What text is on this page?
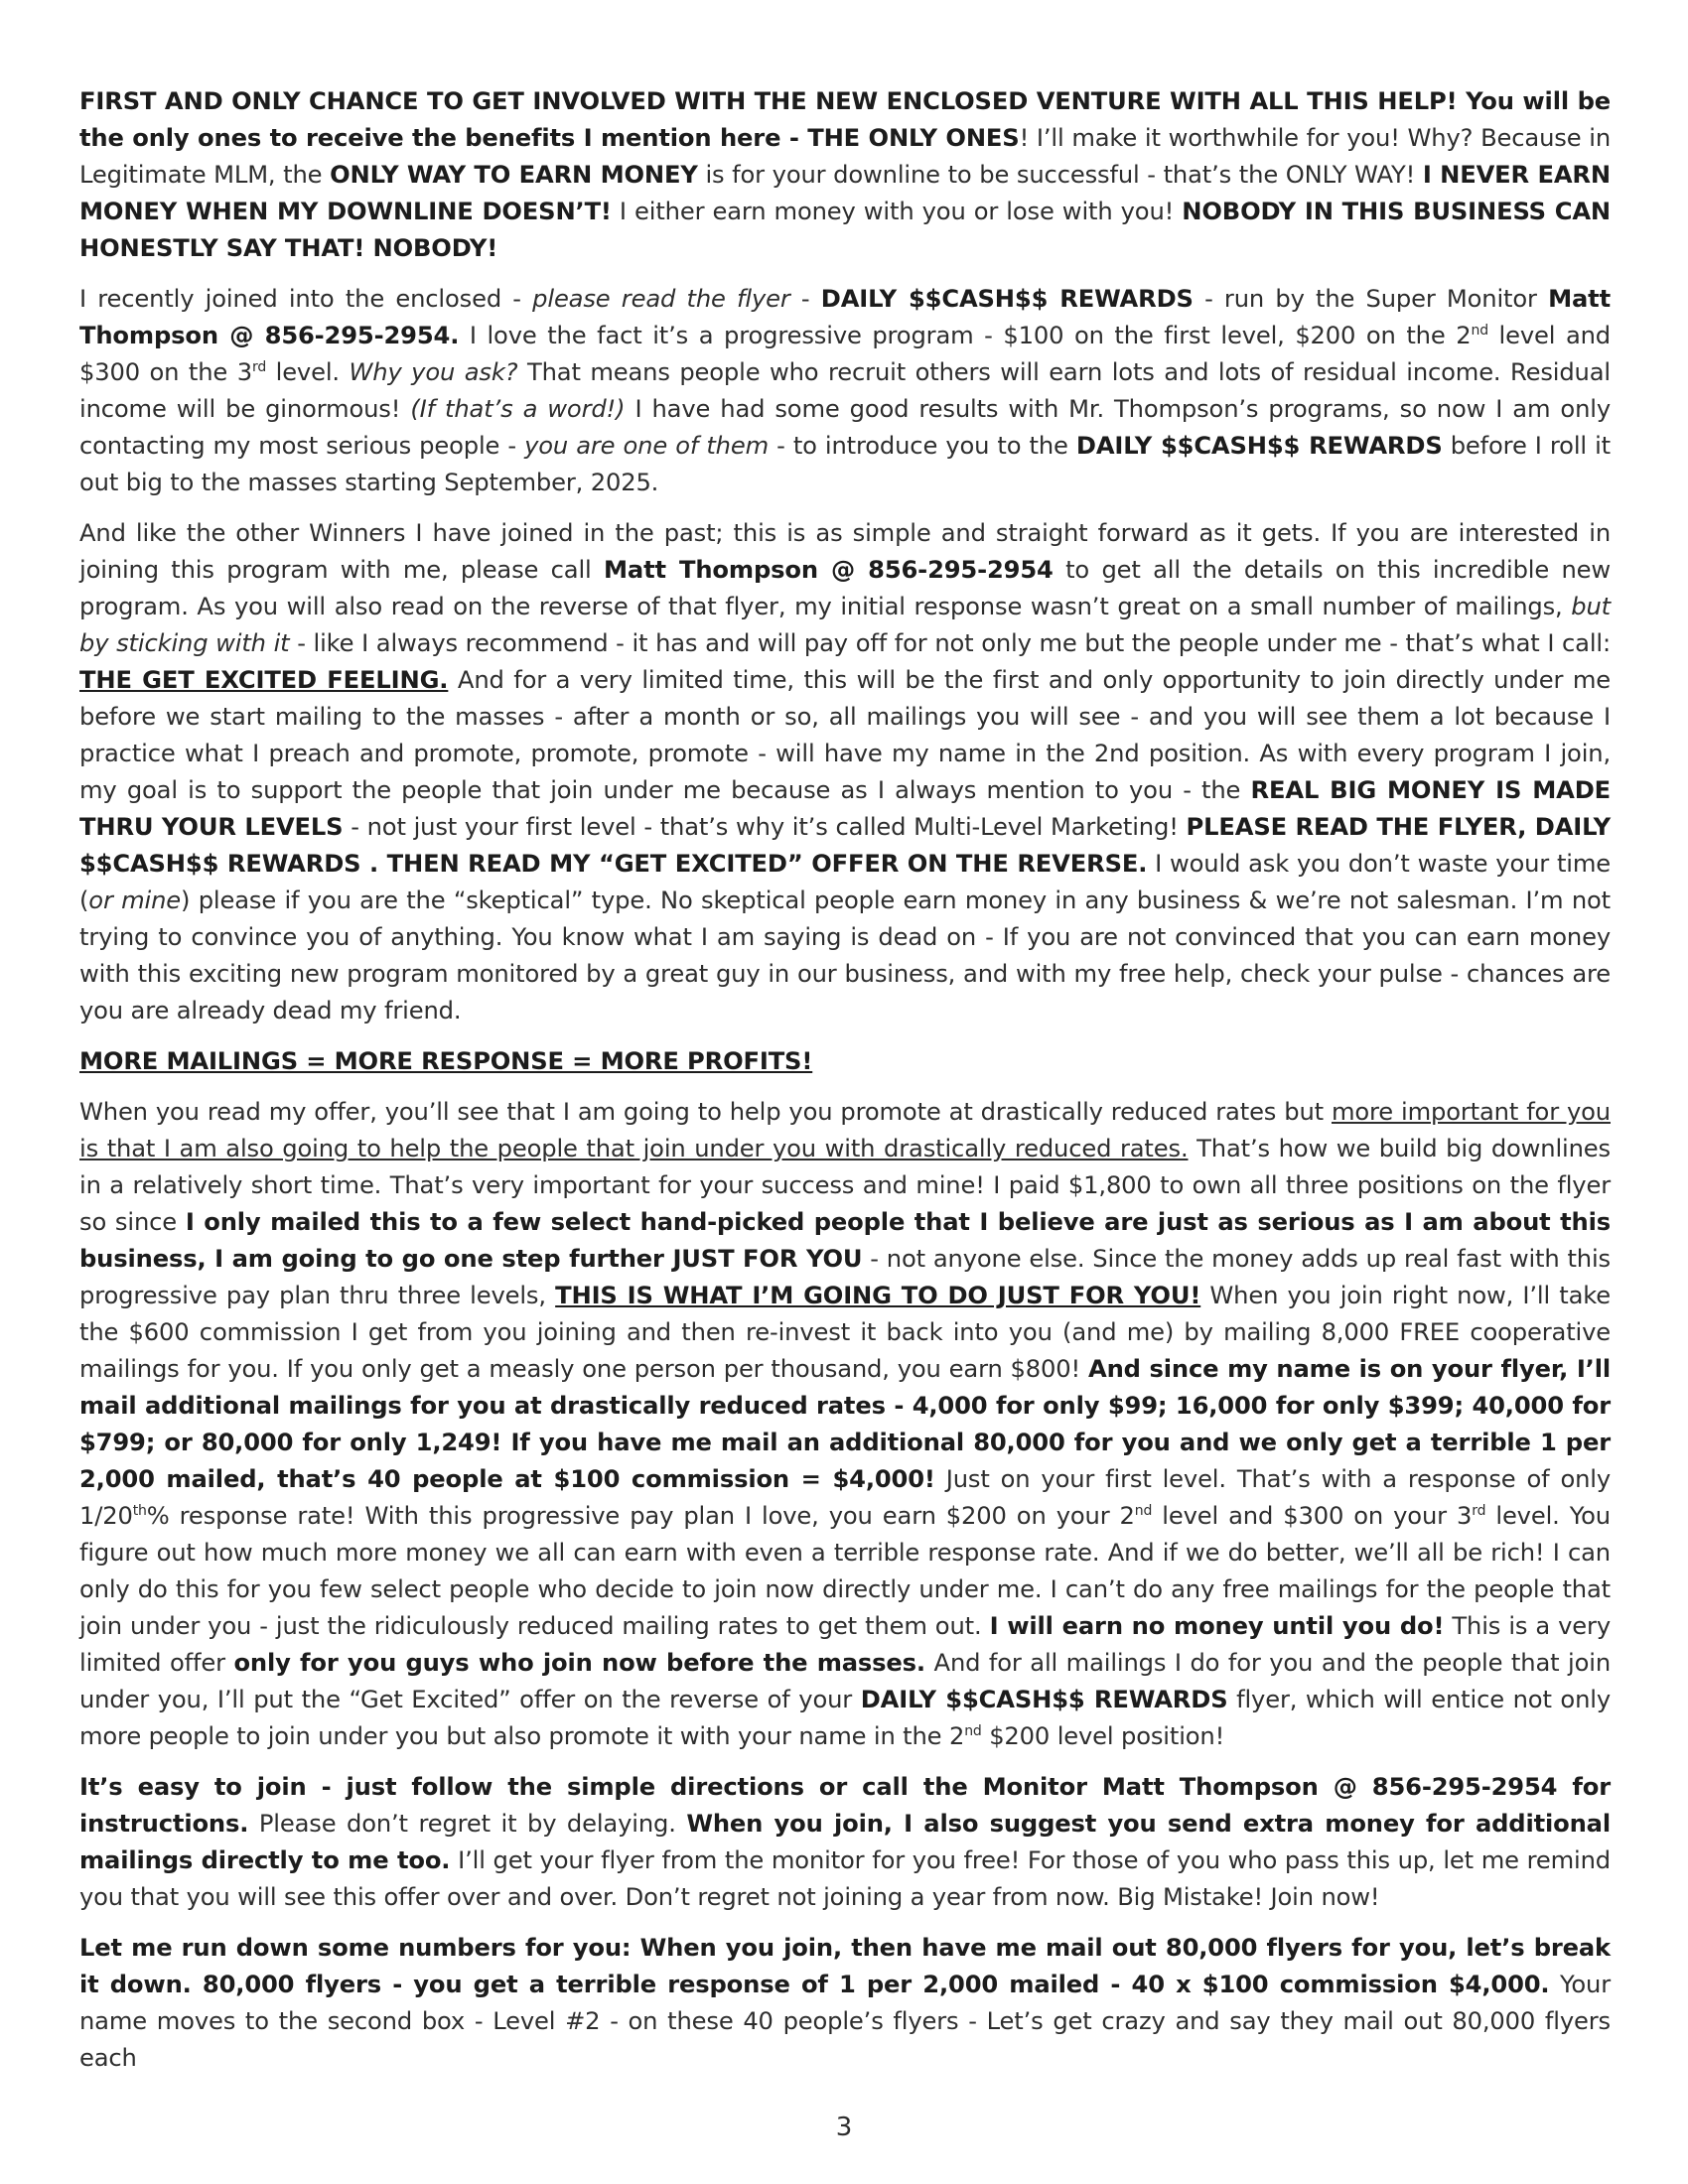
FIRST AND ONLY CHANCE TO GET INVOLVED WITH THE NEW ENCLOSED VENTURE WITH ALL THIS HELP! You will be the only ones to receive the benefits I mention here - THE ONLY ONES! I’ll make it worthwhile for you! Why? Because in Legitimate MLM, the ONLY WAY TO EARN MONEY is for your downline to be successful - that’s the ONLY WAY! I NEVER EARN MONEY WHEN MY DOWNLINE DOESN’T! I either earn money with you or lose with you! NOBODY IN THIS BUSINESS CAN HONESTLY SAY THAT! NOBODY!

I recently joined into the enclosed - please read the flyer - DAILY $$CASH$$ REWARDS - run by the Super Monitor Matt Thompson @ 856-295-2954. I love the fact it’s a progressive program - $100 on the first level, $200 on the 2nd level and $300 on the 3rd level. Why you ask? That means people who recruit others will earn lots and lots of residual income. Residual income will be ginormous! (If that’s a word!) I have had some good results with Mr. Thompson’s programs, so now I am only contacting my most serious people - you are one of them - to introduce you to the DAILY $$CASH$$ REWARDS before I roll it out big to the masses starting September, 2025.

And like the other Winners I have joined in the past; this is as simple and straight forward as it gets. If you are interested in joining this program with me, please call Matt Thompson @ 856-295-2954 to get all the details on this incredible new program. As you will also read on the reverse of that flyer, my initial response wasn’t great on a small number of mailings, but by sticking with it - like I always recommend - it has and will pay off for not only me but the people under me - that’s what I call: THE GET EXCITED FEELING. And for a very limited time, this will be the first and only opportunity to join directly under me before we start mailing to the masses - after a month or so, all mailings you will see - and you will see them a lot because I practice what I preach and promote, promote, promote - will have my name in the 2nd position. As with every program I join, my goal is to support the people that join under me because as I always mention to you - the REAL BIG MONEY IS MADE THRU YOUR LEVELS - not just your first level - that’s why it’s called Multi-Level Marketing! PLEASE READ THE FLYER, DAILY $$CASH$$ REWARDS . THEN READ MY “GET EXCITED” OFFER ON THE REVERSE. I would ask you don’t waste your time (or mine) please if you are the “skeptical” type. No skeptical people earn money in any business & we’re not salesman. I’m not trying to convince you of anything. You know what I am saying is dead on - If you are not convinced that you can earn money with this exciting new program monitored by a great guy in our business, and with my free help, check your pulse - chances are you are already dead my friend.

MORE MAILINGS = MORE RESPONSE = MORE PROFITS!

When you read my offer, you’ll see that I am going to help you promote at drastically reduced rates but more important for you is that I am also going to help the people that join under you with drastically reduced rates. That’s how we build big downlines in a relatively short time. That’s very important for your success and mine! I paid $1,800 to own all three positions on the flyer so since I only mailed this to a few select hand-picked people that I believe are just as serious as I am about this business, I am going to go one step further JUST FOR YOU - not anyone else. Since the money adds up real fast with this progressive pay plan thru three levels, THIS IS WHAT I’M GOING TO DO JUST FOR YOU! When you join right now, I’ll take the $600 commission I get from you joining and then re-invest it back into you (and me) by mailing 8,000 FREE cooperative mailings for you. If you only get a measly one person per thousand, you earn $800! And since my name is on your flyer, I’ll mail additional mailings for you at drastically reduced rates - 4,000 for only $99; 16,000 for only $399; 40,000 for $799; or 80,000 for only 1,249! If you have me mail an additional 80,000 for you and we only get a terrible 1 per 2,000 mailed, that’s 40 people at $100 commission = $4,000! Just on your first level. That’s with a response of only 1/20th% response rate! With this progressive pay plan I love, you earn $200 on your 2nd level and $300 on your 3rd level. You figure out how much more money we all can earn with even a terrible response rate. And if we do better, we’ll all be rich! I can only do this for you few select people who decide to join now directly under me. I can’t do any free mailings for the people that join under you - just the ridiculously reduced mailing rates to get them out. I will earn no money until you do! This is a very limited offer only for you guys who join now before the masses. And for all mailings I do for you and the people that join under you, I’ll put the “Get Excited” offer on the reverse of your DAILY $$CASH$$ REWARDS flyer, which will entice not only more people to join under you but also promote it with your name in the 2nd $200 level position!

It’s easy to join - just follow the simple directions or call the Monitor Matt Thompson @ 856-295-2954 for instructions. Please don’t regret it by delaying. When you join, I also suggest you send extra money for additional mailings directly to me too. I’ll get your flyer from the monitor for you free! For those of you who pass this up, let me remind you that you will see this offer over and over. Don’t regret not joining a year from now. Big Mistake! Join now!

Let me run down some numbers for you: When you join, then have me mail out 80,000 flyers for you, let’s break it down. 80,000 flyers - you get a terrible response of 1 per 2,000 mailed - 40 x $100 commission $4,000. Your name moves to the second box - Level #2 - on these 40 people’s flyers - Let’s get crazy and say they mail out 80,000 flyers each

3
